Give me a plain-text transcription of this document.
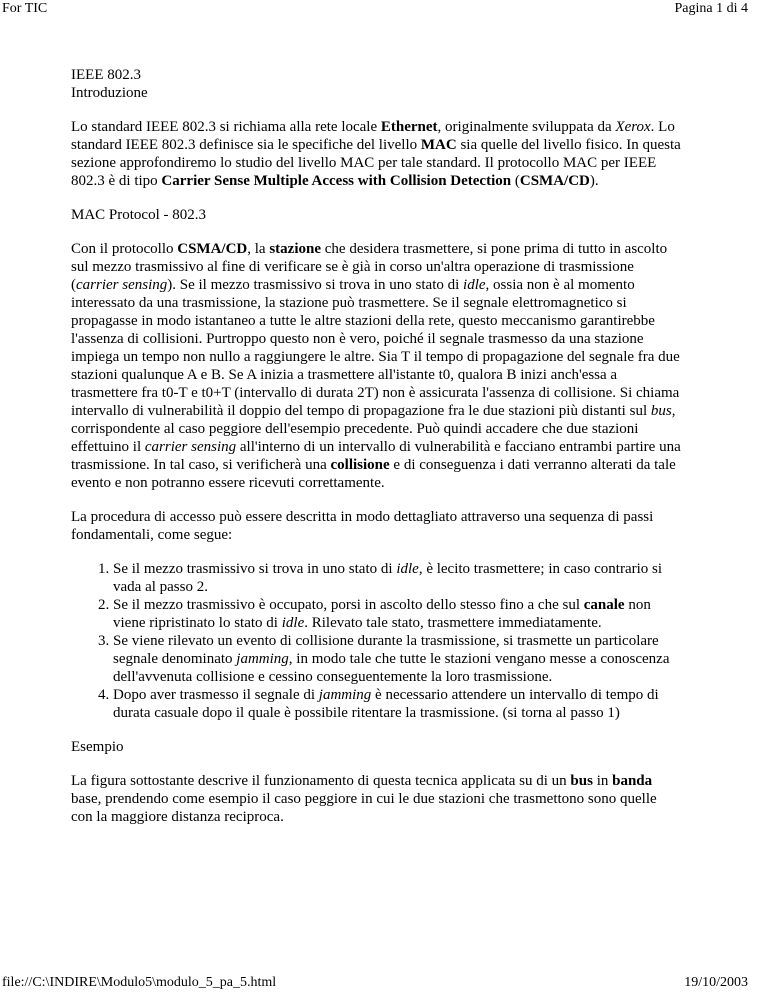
For TIC	Pagina 1 di 4

IEEE 802.3

Introduzione

Lo standard IEEE 802.3 si richiama alla rete locale Ethernet, originalmente sviluppata da Xerox. Lo standard IEEE 802.3 definisce sia le specifiche del livello MAC sia quelle del livello fisico. In questa sezione approfondiremo lo studio del livello MAC per tale standard. Il protocollo MAC per IEEE 802.3 è di tipo Carrier Sense Multiple Access with Collision Detection (CSMA/CD).

MAC Protocol - 802.3

Con il protocollo CSMA/CD, la stazione che desidera trasmettere, si pone prima di tutto in ascolto sul mezzo trasmissivo al fine di verificare se è già in corso un'altra operazione di trasmissione (carrier sensing). Se il mezzo trasmissivo si trova in uno stato di idle, ossia non è al momento interessato da una trasmissione, la stazione può trasmettere. Se il segnale elettromagnetico si propagasse in modo istantaneo a tutte le altre stazioni della rete, questo meccanismo garantirebbe l'assenza di collisioni. Purtroppo questo non è vero, poiché il segnale trasmesso da una stazione impiega un tempo non nullo a raggiungere le altre. Sia T il tempo di propagazione del segnale fra due stazioni qualunque A e B. Se A inizia a trasmettere all'istante t0, qualora B inizi anch'essa a trasmettere fra t0-T e t0+T (intervallo di durata 2T) non è assicurata l'assenza di collisione. Si chiama intervallo di vulnerabilità il doppio del tempo di propagazione fra le due stazioni più distanti sul bus, corrispondente al caso peggiore dell'esempio precedente. Può quindi accadere che due stazioni effettuino il carrier sensing all'interno di un intervallo di vulnerabilità e facciano entrambi partire una trasmissione. In tal caso, si verificherà una collisione e di conseguenza i dati verranno alterati da tale evento e non potranno essere ricevuti correttamente.

La procedura di accesso può essere descritta in modo dettagliato attraverso una sequenza di passi fondamentali, come segue:

1. Se il mezzo trasmissivo si trova in uno stato di idle, è lecito trasmettere; in caso contrario si vada al passo 2.
2. Se il mezzo trasmissivo è occupato, porsi in ascolto dello stesso fino a che sul canale non viene ripristinato lo stato di idle. Rilevato tale stato, trasmettere immediatamente.
3. Se viene rilevato un evento di collisione durante la trasmissione, si trasmette un particolare segnale denominato jamming, in modo tale che tutte le stazioni vengano messe a conoscenza dell'avvenuta collisione e cessino conseguentemente la loro trasmissione.
4. Dopo aver trasmesso il segnale di jamming è necessario attendere un intervallo di tempo di durata casuale dopo il quale è possibile ritentare la trasmissione. (si torna al passo 1)

Esempio

La figura sottostante descrive il funzionamento di questa tecnica applicata su di un bus in banda base, prendendo come esempio il caso peggiore in cui le due stazioni che trasmettono sono quelle con la maggiore distanza reciproca.

file://C:\INDIRE\Modulo5\modulo_5_pa_5.html	19/10/2003
